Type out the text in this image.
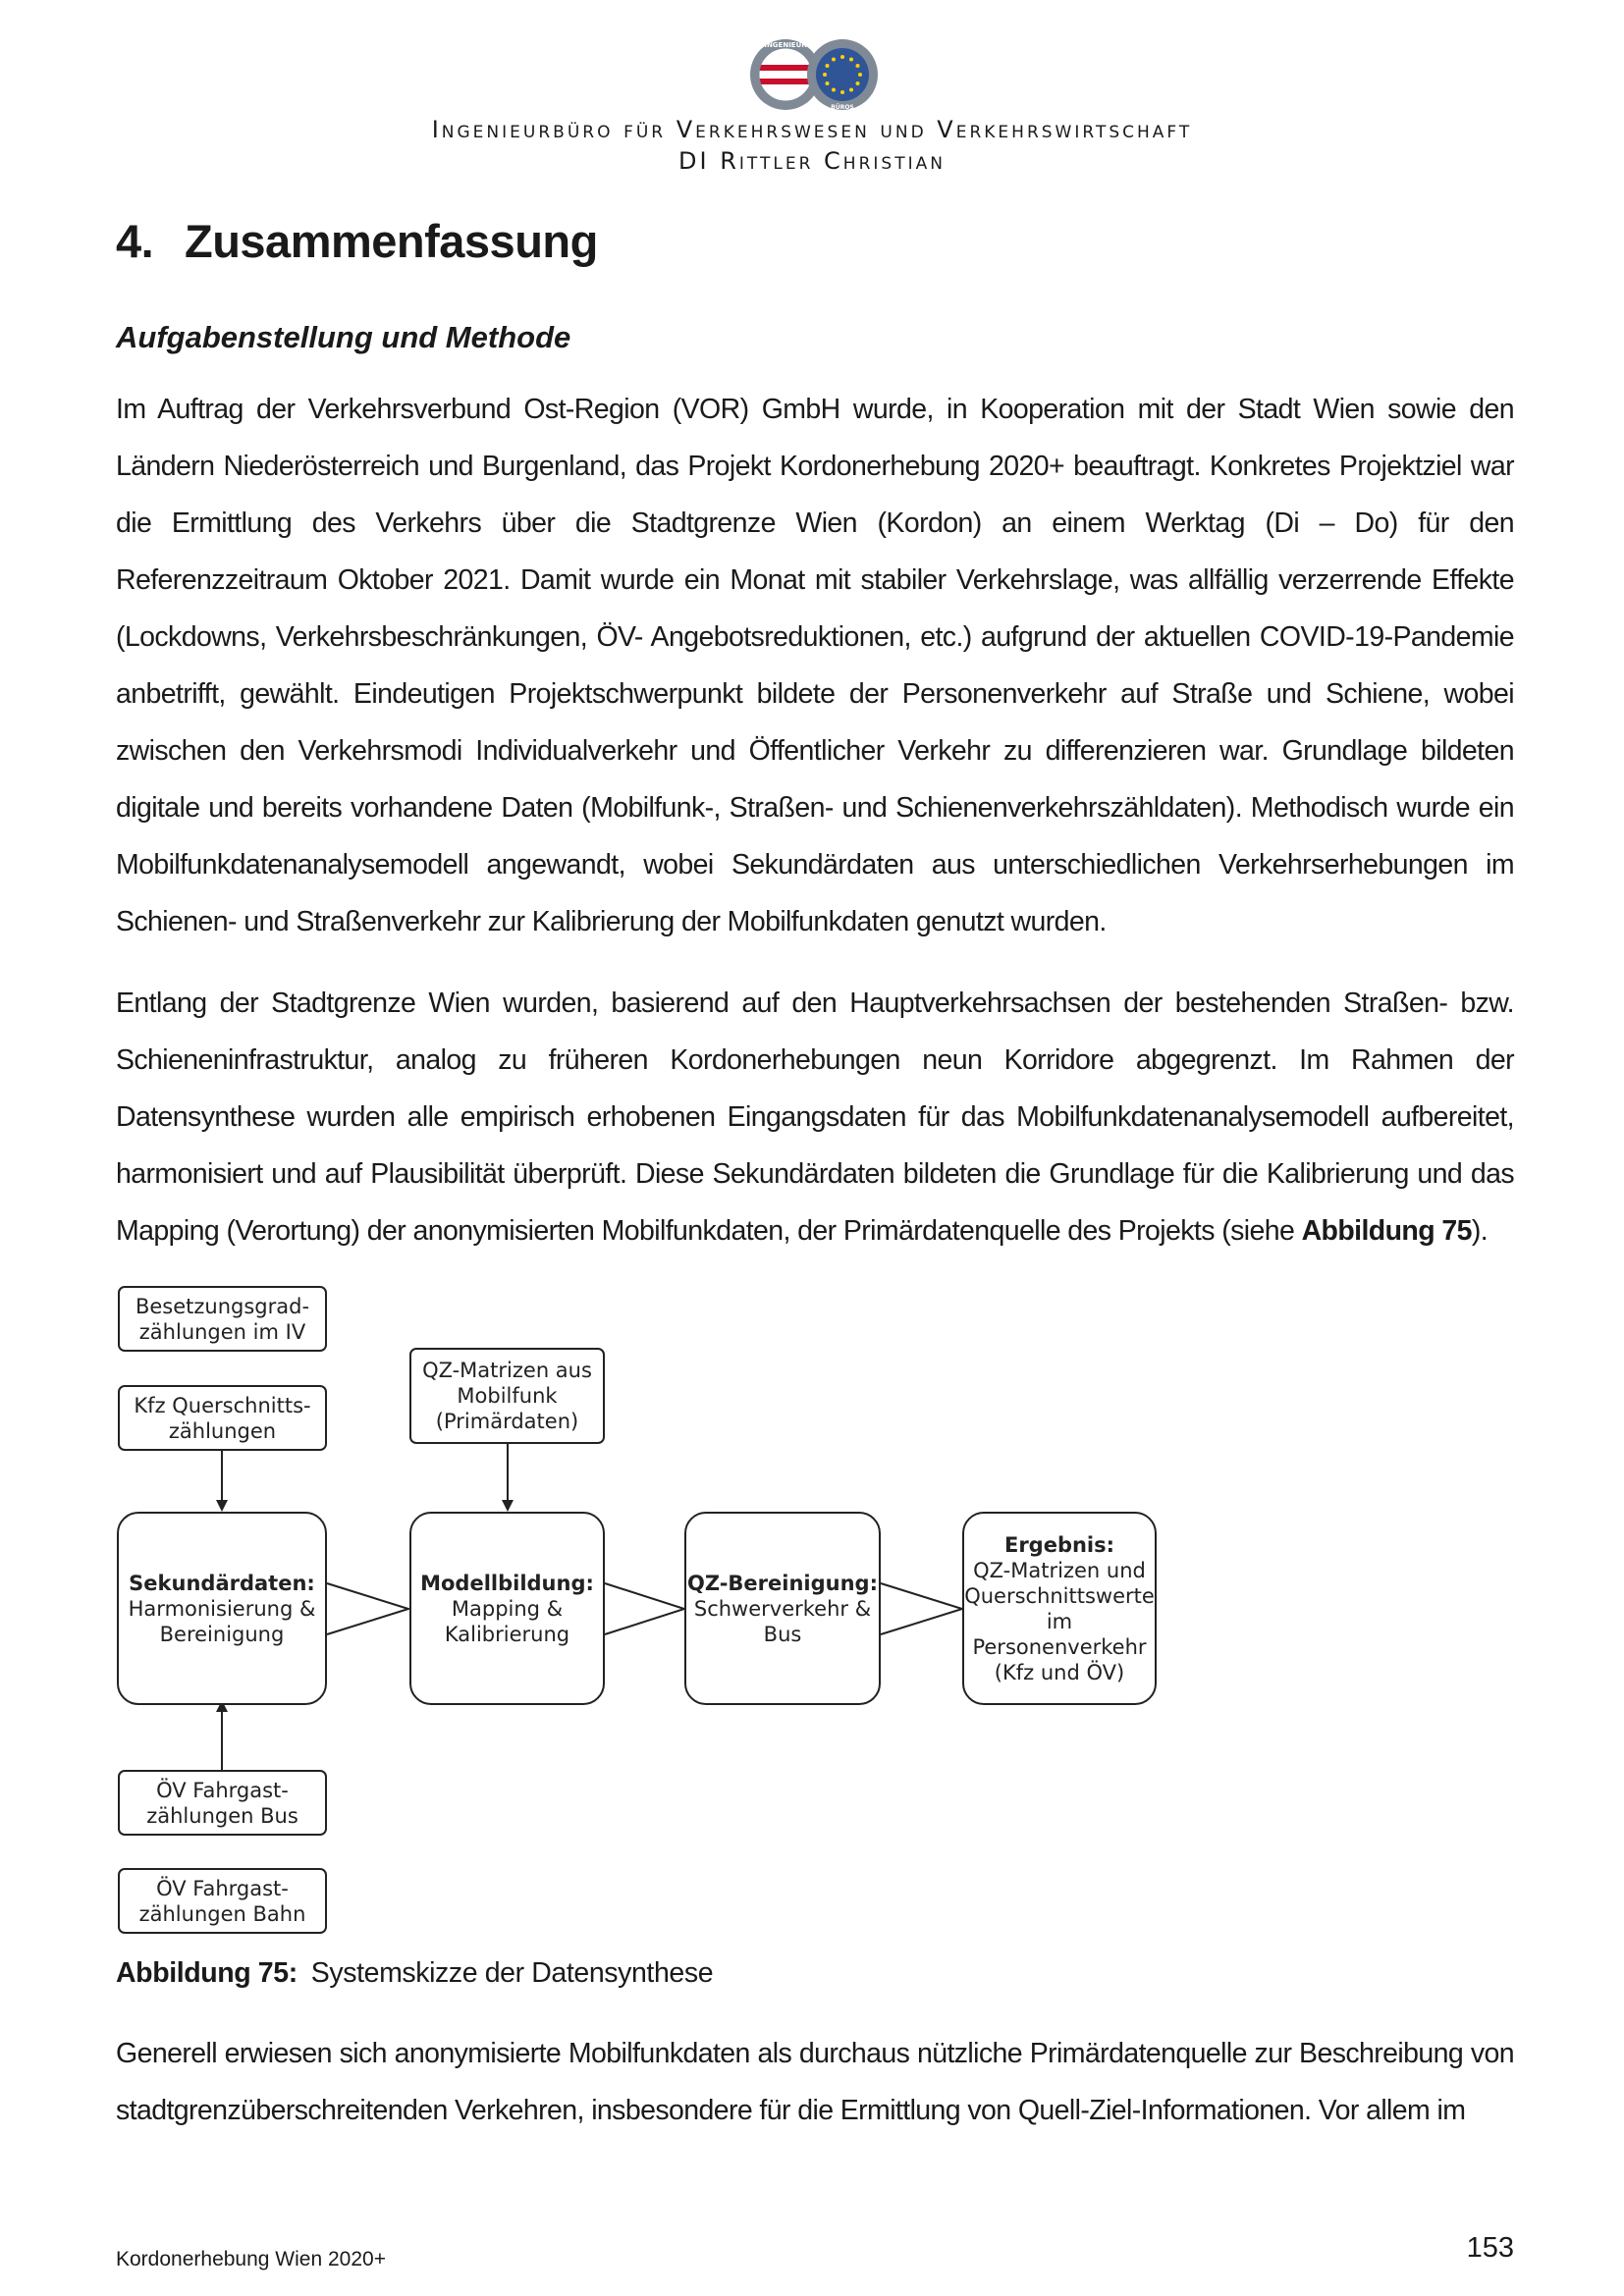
INGENIEUR
BÜROS
Ingenieurbüro für Verkehrswesen und Verkehrswirtschaft
DI Rittler Christian
4. Zusammenfassung
Aufgabenstellung und Methode

Im Auftrag der Verkehrsverbund Ost-Region (VOR) GmbH wurde, in Kooperation mit der Stadt Wien sowie den Ländern Niederösterreich und Burgenland, das Projekt Kordonerhebung 2020+ beauftragt. Konkretes Projektziel war die Ermittlung des Verkehrs über die Stadtgrenze Wien (Kordon) an einem Werktag (Di – Do) für den Referenzzeitraum Oktober 2021. Damit wurde ein Monat mit stabiler Verkehrslage, was allfällig verzerrende Effekte (Lockdowns, Verkehrsbeschränkungen, ÖV- Angebotsreduktionen, etc.) aufgrund der aktuellen COVID-19-Pandemie anbetrifft, gewählt. Eindeutigen Projektschwerpunkt bildete der Personenverkehr auf Straße und Schiene, wobei zwischen den Verkehrsmodi Individualverkehr und Öffentlicher Verkehr zu differenzieren war. Grundlage bildeten digitale und bereits vorhandene Daten (Mobilfunk-, Straßen- und Schienenverkehrszähldaten). Methodisch wurde ein Mobilfunkdatenanalysemodell angewandt, wobei Sekundärdaten aus unterschiedlichen Verkehrserhebungen im Schienen- und Straßenverkehr zur Kalibrierung der Mobilfunkdaten genutzt wurden.

Entlang der Stadtgrenze Wien wurden, basierend auf den Hauptverkehrsachsen der bestehenden Straßen- bzw. Schieneninfrastruktur, analog zu früheren Kordonerhebungen neun Korridore abgegrenzt. Im Rahmen der Datensynthese wurden alle empirisch erhobenen Eingangsdaten für das Mobilfunkdatenanalysemodell aufbereitet, harmonisiert und auf Plausibilität überprüft. Diese Sekundärdaten bildeten die Grundlage für die Kalibrierung und das Mapping (Verortung) der anonymisierten Mobilfunkdaten, der Primärdatenquelle des Projekts (siehe Abbildung 75).

Besetzungsgrad-
zählungen im IV
Kfz Querschnitts-
zählungen
QZ-Matrizen aus
Mobilfunk
(Primärdaten)
Sekundärdaten:
Harmonisierung &
Bereinigung
Modellbildung:
Mapping &
Kalibrierung
QZ-Bereinigung:
Schwerverkehr &
Bus
Ergebnis:
QZ-Matrizen und
Querschnittswerte
im
Personenverkehr
(Kfz und ÖV)
ÖV Fahrgast-
zählungen Bus
ÖV Fahrgast-
zählungen Bahn

Abbildung 75: Systemskizze der Datensynthese

Generell erwiesen sich anonymisierte Mobilfunkdaten als durchaus nützliche Primärdatenquelle zur Beschreibung von stadtgrenzüberschreitenden Verkehren, insbesondere für die Ermittlung von Quell-Ziel-Informationen. Vor allem im

Kordonerhebung Wien 2020+	153
